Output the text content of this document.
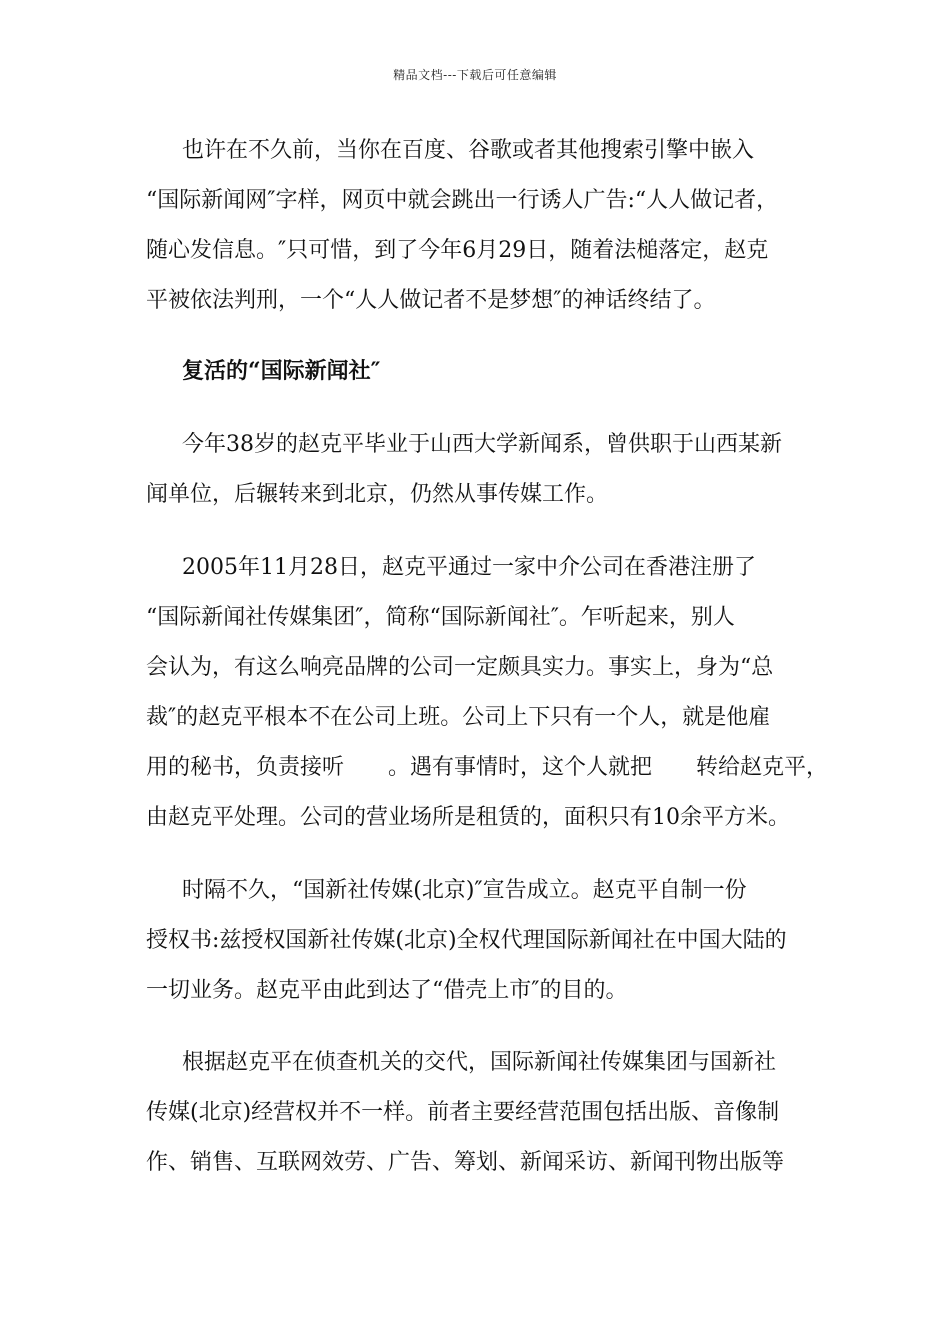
精品文档---下载后可任意编辑
也许在不久前，当你在百度、谷歌或者其他搜索引擎中嵌入
“国际新闻网″字样，网页中就会跳出一行诱人广告:“人人做记者，
随心发信息。″只可惜，到了今年6月29日，随着法槌落定，赵克
平被依法判刑，一个“人人做记者不是梦想″的神话终结了。
复活的“国际新闻社″
今年38岁的赵克平毕业于山西大学新闻系，曾供职于山西某新
闻单位，后辗转来到北京，仍然从事传媒工作。
2005年11月28日，赵克平通过一家中介公司在香港注册了
“国际新闻社传媒集团″，简称“国际新闻社″。乍听起来，别人
会认为，有这么响亮品牌的公司一定颇具实力。事实上，身为“总
裁″的赵克平根本不在公司上班。公司上下只有一个人，就是他雇
用的秘书，负责接听　　。遇有事情时，这个人就把　　转给赵克平，
由赵克平处理。公司的营业场所是租赁的，面积只有10余平方米。
时隔不久，“国新社传媒(北京)″宣告成立。赵克平自制一份
授权书:兹授权国新社传媒(北京)全权代理国际新闻社在中国大陆的
一切业务。赵克平由此到达了“借壳上市″的目的。
根据赵克平在侦查机关的交代，国际新闻社传媒集团与国新社
传媒(北京)经营权并不一样。前者主要经营范围包括出版、音像制
作、销售、互联网效劳、广告、筹划、新闻采访、新闻刊物出版等
